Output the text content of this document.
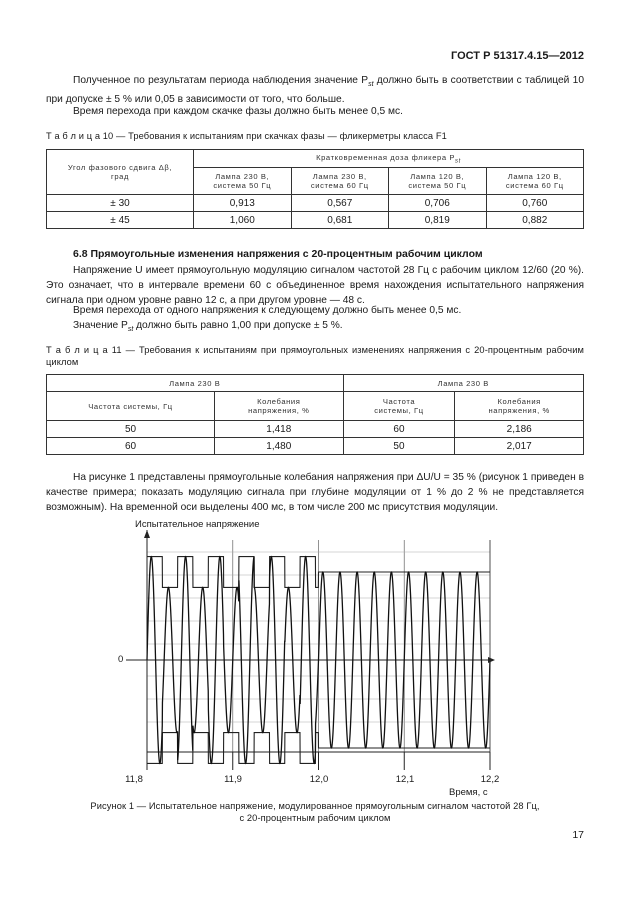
ГОСТ Р 51317.4.15—2012
Полученное по результатам периода наблюдения значение $P_{st}$ должно быть в соответствии с таблицей 10 при допуске ± 5 % или 0,05 в зависимости от того, что больше.
Время перехода при каждом скачке фазы должно быть менее 0,5 мс.
Т а б л и ц а 10 — Требования к испытаниям при скачках фазы — фликерметры класса F1
Угол фазового сдвига Δβ, град	Кратковременная доза фликера $P_{st}$
	Лампа 230 В, система 50 Гц	Лампа 230 В, система 60 Гц	Лампа 120 В, система 50 Гц	Лампа 120 В, система 60 Гц
± 30	0,913	0,567	0,706	0,760
± 45	1,060	0,681	0,819	0,882
6.8 Прямоугольные изменения напряжения с 20-процентным рабочим циклом
Напряжение U имеет прямоугольную модуляцию сигналом частотой 28 Гц с рабочим циклом 12/60 (20 %). Это означает, что в интервале времени 60 с объединенное время нахождения испытательного напряжения сигнала при одном уровне равно 12 с, а при другом уровне — 48 с.
Время перехода от одного напряжения к следующему должно быть менее 0,5 мс.
Значение $P_{st}$ должно быть равно 1,00 при допуске ± 5 %.
Т а б л и ц а 11 — Требования к испытаниям при прямоугольных изменениях напряжения с 20-процентным рабочим циклом
Лампа 230 В		Лампа 230 В	
Частота системы, Гц	Колебания напряжения, %	Частота системы, Гц	Колебания напряжения, %
50	1,418	60	2,186
60	1,480	50	2,017
На рисунке 1 представлены прямоугольные колебания напряжения при ΔU/U = 35 % (рисунок 1 приведен в качестве примера; показать модуляцию сигнала при глубине модуляции от 1 % до 2 % не представляется возможным). На временной оси выделены 400 мс, в том числе 200 мс присутствия модуляции.
Испытательное напряжение
0
11,8	11,9	12,0	12,1	12,2
Время, с
Рисунок 1 — Испытательное напряжение, модулированное прямоугольным сигналом частотой 28 Гц,
с 20-процентным рабочим циклом
17
